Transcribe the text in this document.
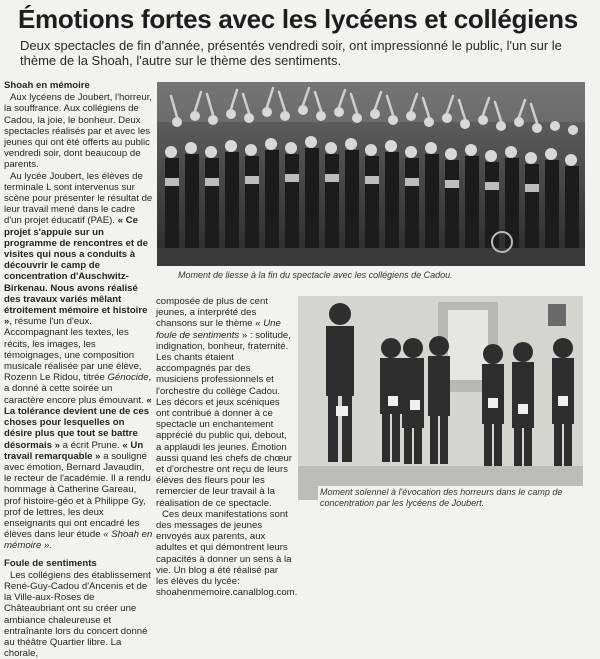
Émotions fortes avec les lycéens et collégiens
Deux spectacles de fin d'année, présentés vendredi soir, ont impressionné le public, l'un sur le thème de la Shoah, l'autre sur le thème des sentiments.
Shoah en mémoire

Aux lycéens de Joubert, l'horreur, la souffrance. Aux collégiens de Cadou, la joie, le bonheur. Deux spectacles réalisés par et avec les jeunes qui ont été offerts au public vendredi soir, dont beaucoup de parents.

Au lycée Joubert, les élèves de terminale L sont intervenus sur scène pour présenter le résultat de leur travail mené dans le cadre d'un projet éducatif (PAE). « Ce projet s'appuie sur un programme de rencontres et de visites qui nous a conduits à découvrir le camp de concentration d'Auschwitz-Birkenau. Nous avons réalisé des travaux variés mêlant étroitement mémoire et histoire », résume l'un d'eux. Accompagnant les textes, les récits, les images, les témoignages, une composition musicale réalisée par une élève, Rozenn Le Ridou, titrée Génocide, a donné à cette soirée un caractère encore plus émouvant. « La tolérance devient une de ces choses pour lesquelles on désire plus que tout se battre désormais » a écrit Prune. « Un travail remarquable » a souligné avec émotion, Bernard Javaudin, le recteur de l'académie. Il a rendu hommage à Catherine Gareau, prof histoire-géo et à Philippe Gy, prof de lettres, les deux enseignants qui ont encadré les élèves dans leur étude « Shoah en mémoire ».

Foule de sentiments

Les collégiens des établissement René-Guy-Cadou d'Ancenis et de la Ville-aux-Roses de Châteaubriant ont su créer une ambiance chaleureuse et entraînante lors du concert donné au théâtre Quartier libre. La chorale,

composée de plus de cent jeunes, a interprété des chansons sur le thème « Une foule de sentiments » : solitude, indignation, bonheur, fraternité. Les chants étaient accompagnés par des musiciens professionnels et l'orchestre du collège Cadou. Les décors et jeux scéniques ont contribué à donner à ce spectacle un enchantement apprécié du public qui, debout, a applaudi les jeunes. Émotion aussi quand les chefs de chœur et d'orchestre ont reçu de leurs élèves des fleurs pour les remercier de leur travail à la réalisation de ce spectacle.

Ces deux manifestations sont des messages de jeunes envoyés aux parents, aux adultes et qui démontrent leurs capacités à donner un sens à la vie. Un blog a été réalisé par les élèves du lycée: shoahenmemoire.canalblog.com.

Moment de liesse à la fin du spectacle avec les collégiens de Cadou.
Moment solennel à l'évocation des horreurs dans le camp de concentration par les lycéens de Joubert.
